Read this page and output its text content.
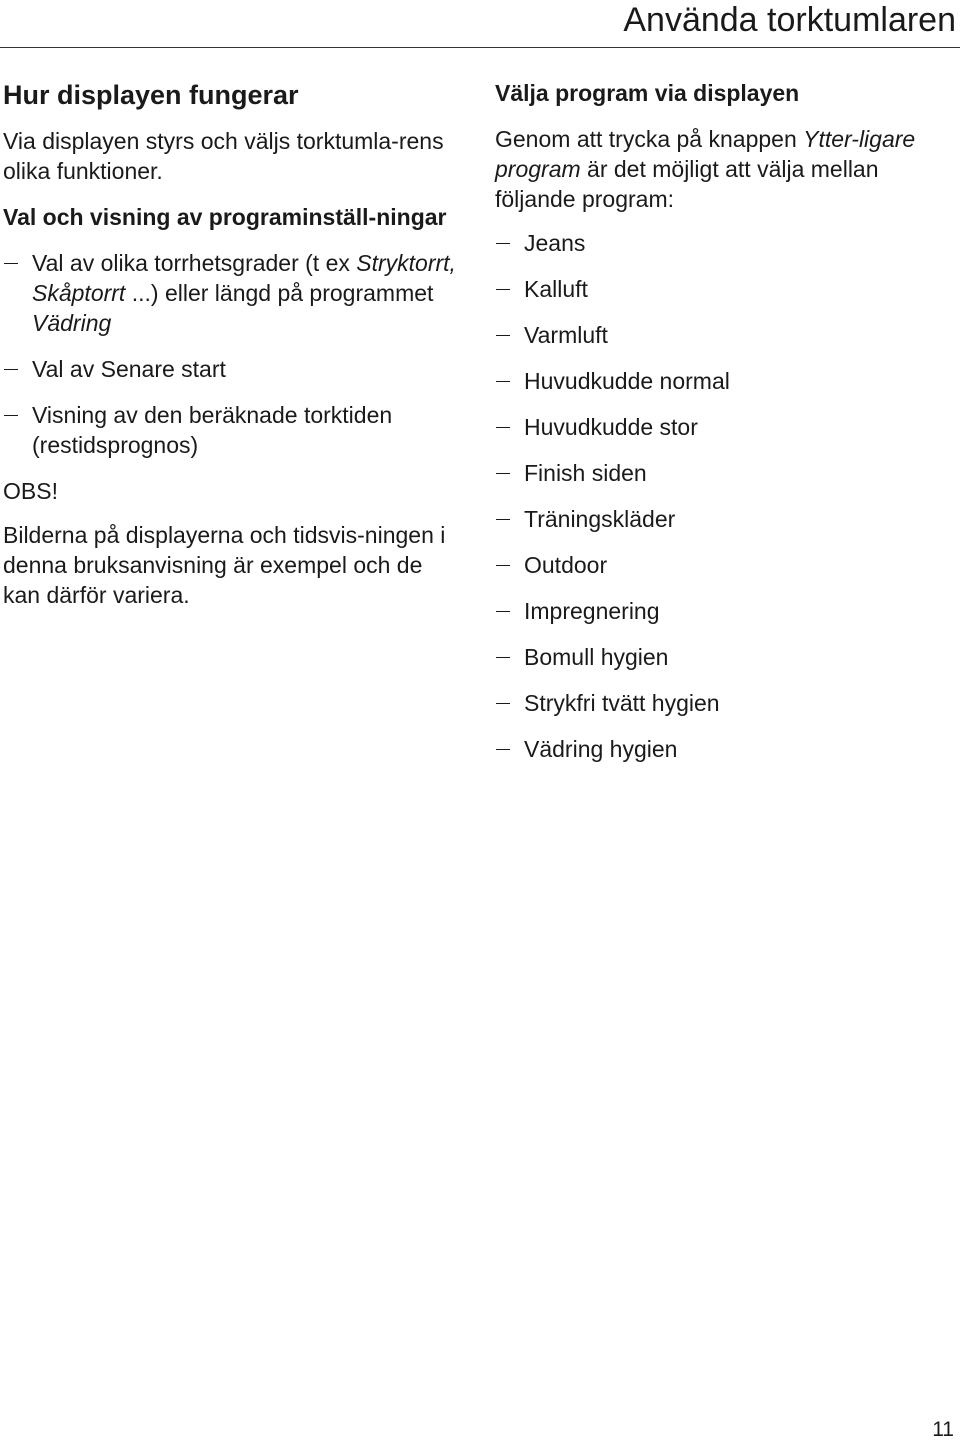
Använda torktumlaren
Hur displayen fungerar

Via displayen styrs och väljs torktumla-rens olika funktioner.

Val och visning av programinställ-ningar
Val av olika torrhetsgrader (t ex Stryktorrt, Skåptorrt ...) eller längd på programmet Vädring
Val av Senare start
Visning av den beräknade torktiden (restidsprognos)

OBS!

Bilderna på displayerna och tidsvis-ningen i denna bruksanvisning är exempel och de kan därför variera.

Välja program via displayen

Genom att trycka på knappen Ytter-ligare program är det möjligt att välja mellan följande program:

Jeans
Kalluft
Varmluft
Huvudkudde normal
Huvudkudde stor
Finish siden
Träningskläder
Outdoor
Impregnering
Bomull hygien
Strykfri tvätt hygien
Vädring hygien
11
